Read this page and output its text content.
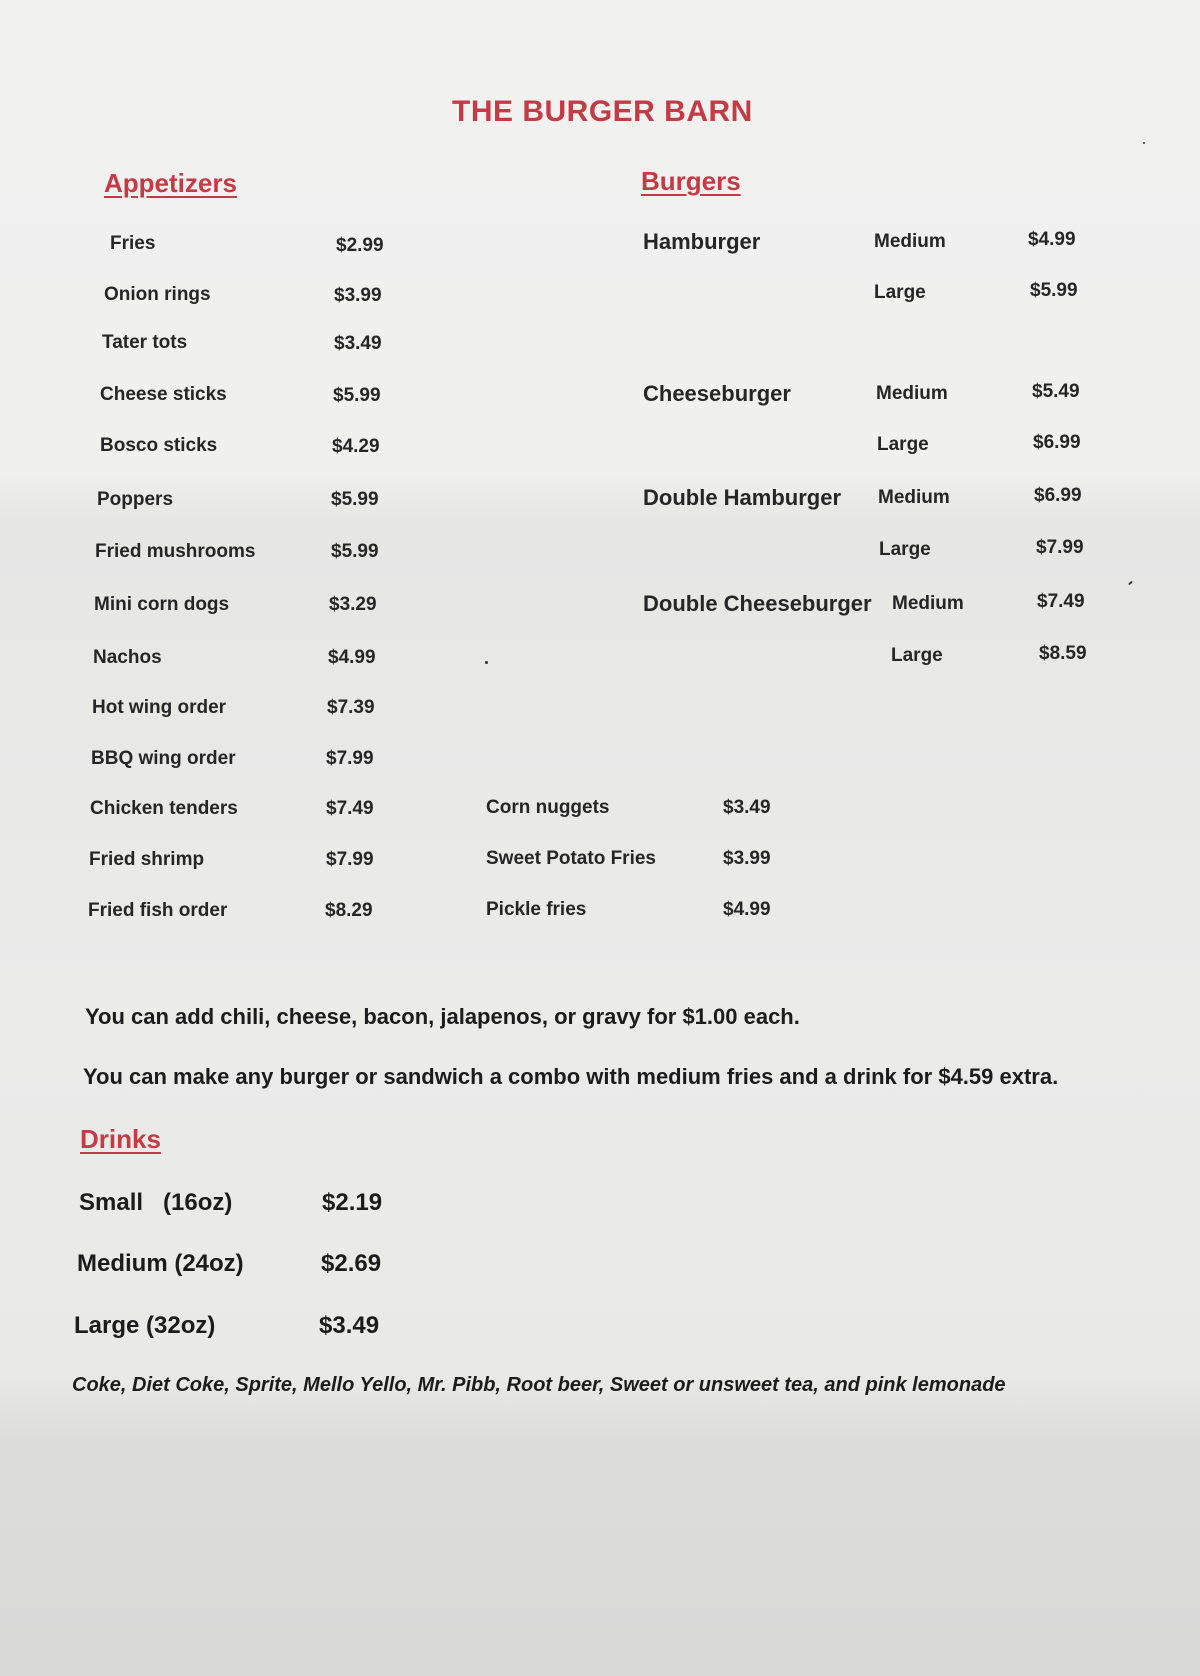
THE BURGER BARN
Appetizers
Fries	$2.99
Onion rings	$3.99
Tater tots	$3.49
Cheese sticks	$5.99
Bosco sticks	$4.29
Poppers	$5.99
Fried mushrooms	$5.99
Mini corn dogs	$3.29
Nachos	$4.99
Hot wing order	$7.39
BBQ wing order	$7.99
Chicken tenders	$7.49
Fried shrimp	$7.99
Fried fish order	$8.29
Corn nuggets	$3.49
Sweet Potato Fries	$3.99
Pickle fries	$4.99
Burgers
Hamburger	Medium	$4.99
Large	$5.99
Cheeseburger	Medium	$5.49
Large	$6.99
Double Hamburger Medium	$6.99
Large	$7.99
Double Cheeseburger Medium	$7.49
Large	$8.59
You can add chili, cheese, bacon, jalapenos, or gravy for $1.00 each.
You can make any burger or sandwich a combo with medium fries and a drink for $4.59 extra.
Drinks
Small   (16oz)	$2.19
Medium (24oz)	$2.69
Large (32oz)	$3.49
Coke, Diet Coke, Sprite, Mello Yello, Mr. Pibb, Root beer, Sweet or unsweet tea, and pink lemonade
